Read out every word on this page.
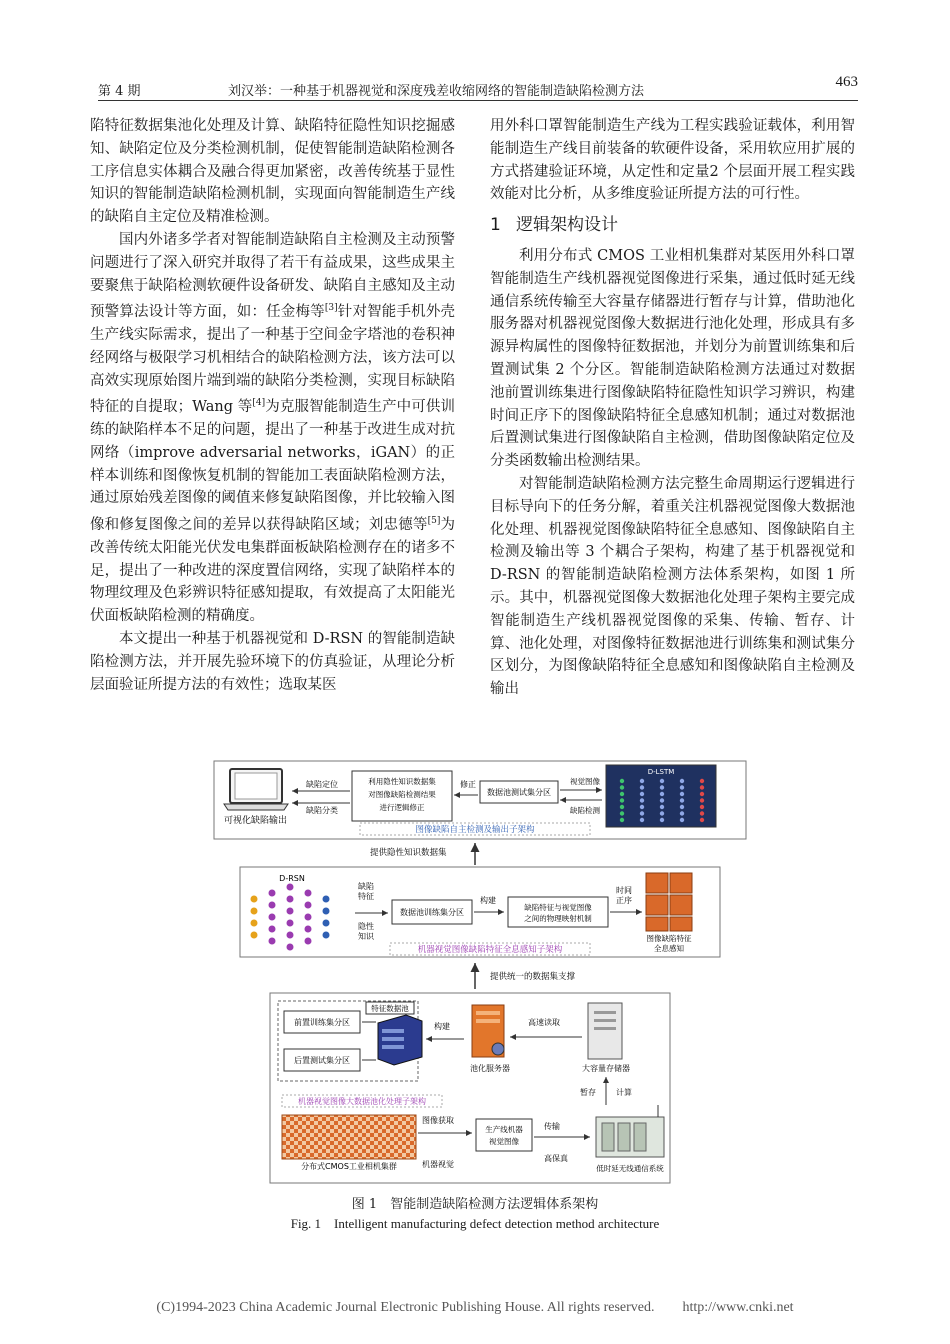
第 4 期	刘汉举：一种基于机器视觉和深度残差收缩网络的智能制造缺陷检测方法
463

陷特征数据集池化处理及计算、缺陷特征隐性知识挖掘感知、缺陷定位及分类检测机制，促使智能制造缺陷检测各工序信息实体耦合及融合得更加紧密，改善传统基于显性知识的智能制造缺陷检测机制，实现面向智能制造生产线的缺陷自主定位及精准检测。

国内外诸多学者对智能制造缺陷自主检测及主动预警问题进行了深入研究并取得了若干有益成果，这些成果主要聚焦于缺陷检测软硬件设备研发、缺陷自主感知及主动预警算法设计等方面，如：任金梅等[3]针对智能手机外壳生产线实际需求，提出了一种基于空间金字塔池的卷积神经网络与极限学习机相结合的缺陷检测方法，该方法可以高效实现原始图片端到端的缺陷分类检测，实现目标缺陷特征的自提取；Wang 等[4]为克服智能制造生产中可供训练的缺陷样本不足的问题，提出了一种基于改进生成对抗网络（improve adversarial networks，iGAN）的正样本训练和图像恢复机制的智能加工表面缺陷检测方法，通过原始残差图像的阈值来修复缺陷图像，并比较输入图像和修复图像之间的差异以获得缺陷区域；刘忠德等[5]为改善传统太阳能光伏发电集群面板缺陷检测存在的诸多不足，提出了一种改进的深度置信网络，实现了缺陷样本的物理纹理及色彩辨识特征感知提取，有效提高了太阳能光伏面板缺陷检测的精确度。

本文提出一种基于机器视觉和 D-RSN 的智能制造缺陷检测方法，并开展先验环境下的仿真验证，从理论分析层面验证所提方法的有效性；选取某医

用外科口罩智能制造生产线为工程实践验证载体，利用智能制造生产线目前装备的软硬件设备，采用软应用扩展的方式搭建验证环境，从定性和定量2 个层面开展工程实践效能对比分析，从多维度验证所提方法的可行性。

1 逻辑架构设计

利用分布式 CMOS 工业相机集群对某医用外科口罩智能制造生产线机器视觉图像进行采集，通过低时延无线通信系统传输至大容量存储器进行暂存与计算，借助池化服务器对机器视觉图像大数据进行池化处理，形成具有多源异构属性的图像特征数据池，并划分为前置训练集和后置测试集 2 个分区。智能制造缺陷检测方法通过对数据池前置训练集进行图像缺陷特征隐性知识学习辨识，构建时间正序下的图像缺陷特征全息感知机制；通过对数据池后置测试集进行图像缺陷自主检测，借助图像缺陷定位及分类函数输出检测结果。

对智能制造缺陷检测方法完整生命周期运行逻辑进行目标导向下的任务分解，着重关注机器视觉图像大数据池化处理、机器视觉图像缺陷特征全息感知、图像缺陷自主检测及输出等 3 个耦合子架构，构建了基于机器视觉和 D-RSN 的智能制造缺陷检测方法体系架构，如图 1 所示。其中，机器视觉图像大数据池化处理子架构主要完成智能制造生产线机器视觉图像的采集、传输、暂存、计算、池化处理，对图像特征数据池进行训练集和测试集分区划分，为图像缺陷特征全息感知和图像缺陷自主检测及输出

可视化缺陷输出
缺陷定位
缺陷分类
利用隐性知识数据集
对图像缺陷检测结果
进行逻辑修正
修正
数据池测试集分区
视觉图像
缺陷检测
D-LSTM
图像缺陷自主检测及输出子架构
提供隐性知识数据集
D-RSN
缺陷
特征
隐性
知识
数据池训练集分区
构建
缺陷特征与视觉图像
之间的物理映射机制
时间
正序
图像缺陷特征
全息感知
机器视觉图像缺陷特征全息感知子架构
提供统一的数据集支撑
前置训练集分区
后置测试集分区
特征数据池
构建
池化服务器
高速读取
大容量存储器
暂存	计算
机器视觉图像大数据池化处理子架构
分布式CMOS工业相机集群
图像获取
机器视觉
生产线机器
视觉图像
传输
高保真
低时延无线通信系统
图 1　智能制造缺陷检测方法逻辑体系架构
Fig. 1　Intelligent manufacturing defect detection method architecture
(C)1994-2023 China Academic Journal Electronic Publishing House. All rights reserved.　　http://www.cnki.net
